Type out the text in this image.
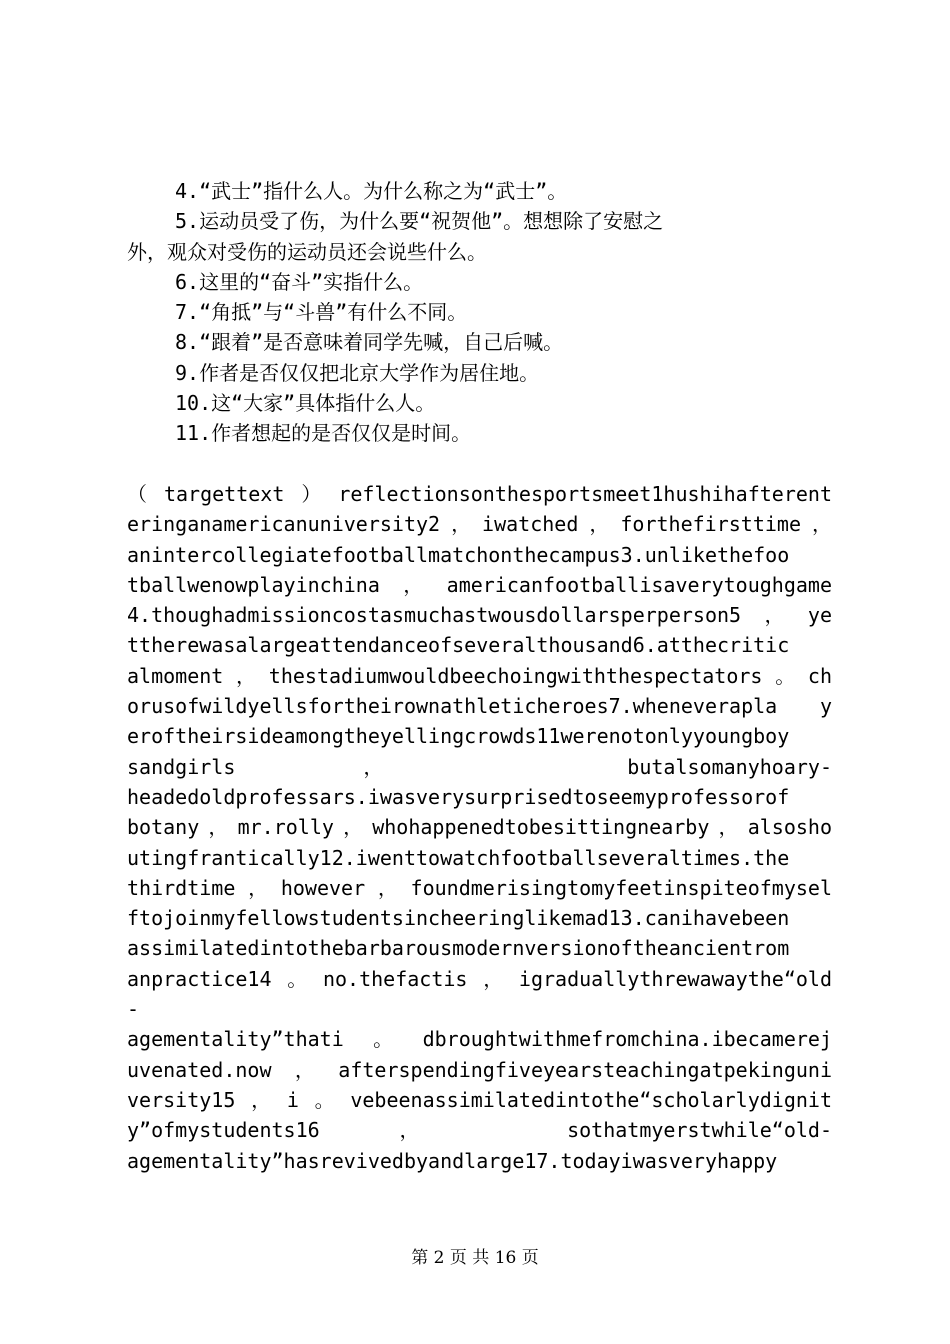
4.“武士”指什么人。为什么称之为“武士”。
5.运动员受了伤，为什么要“祝贺他”。想想除了安慰之
外，观众对受伤的运动员还会说些什么。
6.这里的“奋斗”实指什么。
7.“角抵”与“斗兽”有什么不同。
8.“跟着”是否意味着同学先喊，自己后喊。
9.作者是否仅仅把北京大学作为居住地。
10.这“大家”具体指什么人。
11.作者想起的是否仅仅是时间。

（targettext）reflectionsonthesportsmeet1hushihafterent
eringanamericanuniversity2，iwatched，forthefirsttime，
anintercollegiatefootballmatchonthecampus3.unlikethefoo
tballwenowplayinchina，americanfootballisaverytoughgame
4.thoughadmissioncostasmuchastwousdollarsperperson5，ye
ttherewasalargeattendanceofseveralthousand6.atthecritic
almoment，thestadiumwouldbeechoingwiththespectators。ch
orusofwildyellsfortheirownathleticheroes7.wheneverapla y
eroftheirsideamongtheyellingcrowds11werenotonlyyoungboy
sandgirls ， butalsomanyhoary-
headedoldprofessars.iwasverysurprisedtoseemyprofessorof
botany，mr.rolly，whohappenedtobesittingnearby，alsosho
utingfrantically12.iwenttowatchfootballseveraltimes.the
thirdtime，however，foundmerisingtomyfeetinspiteofmysel
ftojoinmyfellowstudentsincheeringlikemad13.canihavebeen
assimilatedintothebarbarousmodernversionoftheancientrom
anpractice14。no.thefactis，igraduallythrewawaythe“old
-
agementality”thati。dbroughtwithmefromchina.ibecamerej
uvenated.now，afterspendingfiveyearsteachingatpekinguni
versity15，i。vebeenassimilatedintothe“scholarlydignit
y”ofmystudents16 ， sothatmyerstwhile“old-
agementality”hasrevivedbyandlarge17.todayiwasveryhappy
第 2 页 共 16 页
